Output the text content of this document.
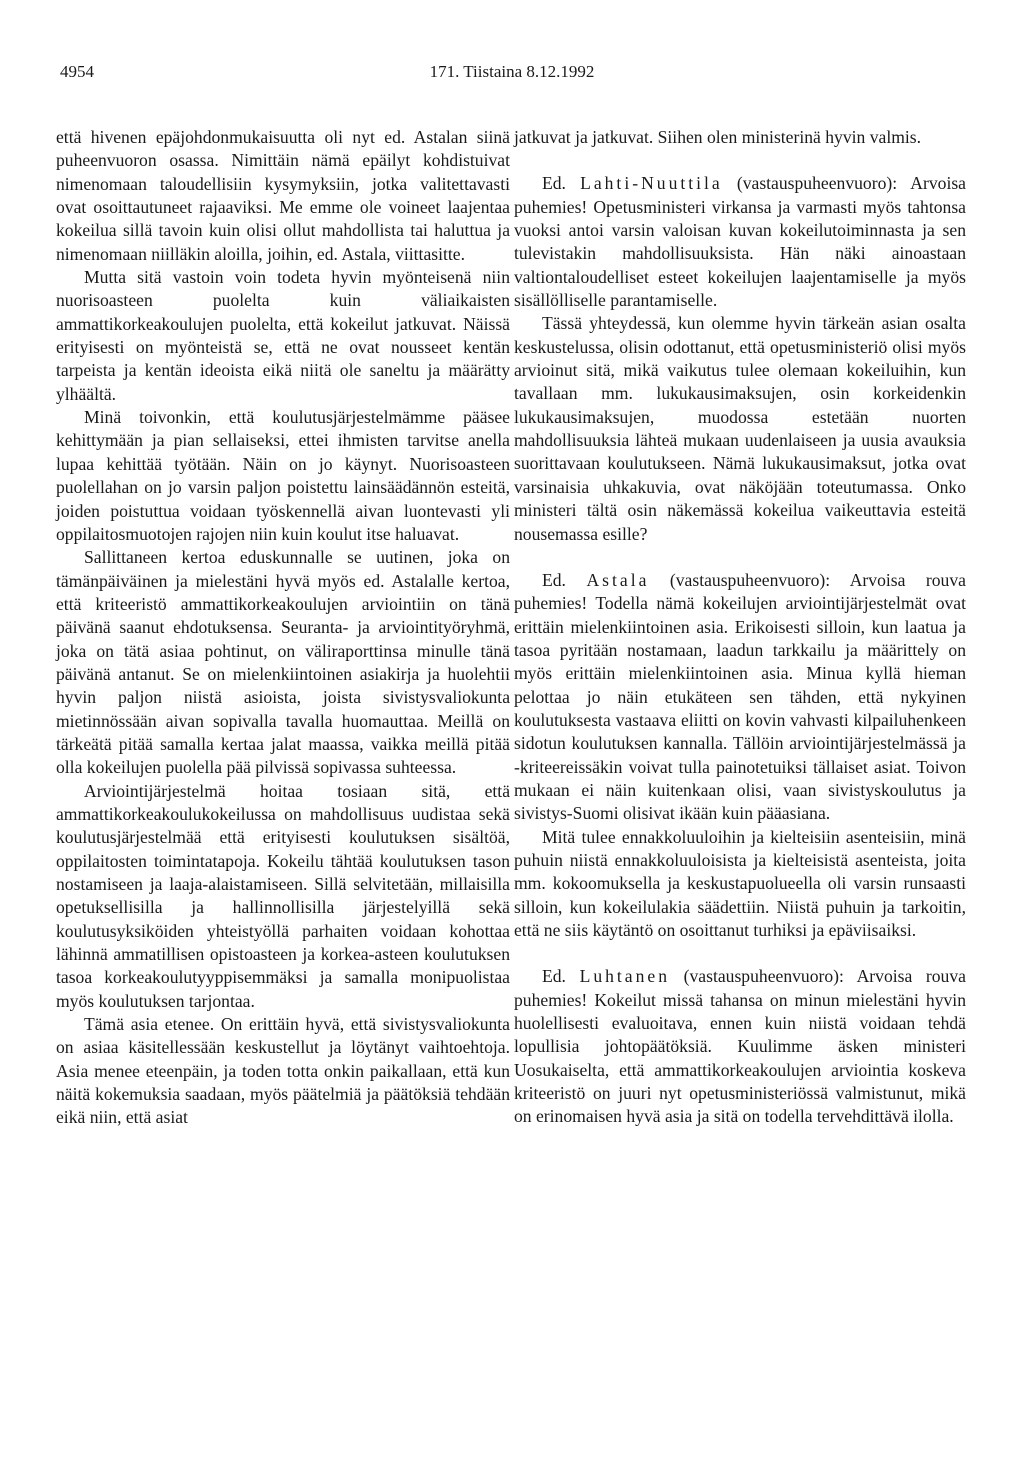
4954	171. Tiistaina 8.12.1992

että hivenen epäjohdonmukaisuutta oli nyt ed. Astalan siinä puheenvuoron osassa. Nimittäin nämä epäilyt kohdistuivat nimenomaan taloudellisiin kysymyksiin, jotka valitettavasti ovat osoittautuneet rajaaviksi. Me emme ole voineet laajentaa kokeilua sillä tavoin kuin olisi ollut mahdollista tai haluttua ja nimenomaan niilläkin aloilla, joihin, ed. Astala, viittasitte.

Mutta sitä vastoin voin todeta hyvin myönteisenä niin nuorisoasteen puolelta kuin väliaikaisten ammattikorkeakoulujen puolelta, että kokeilut jatkuvat. Näissä erityisesti on myönteistä se, että ne ovat nousseet kentän tarpeista ja kentän ideoista eikä niitä ole saneltu ja määrätty ylhäältä.

Minä toivonkin, että koulutusjärjestelmämme pääsee kehittymään ja pian sellaiseksi, ettei ihmisten tarvitse anella lupaa kehittää työtään. Näin on jo käynyt. Nuorisoasteen puolellahan on jo varsin paljon poistettu lainsäädännön esteitä, joiden poistuttua voidaan työskennellä aivan luontevasti yli oppilaitosmuotojen rajojen niin kuin koulut itse haluavat.

Sallittaneen kertoa eduskunnalle se uutinen, joka on tämänpäiväinen ja mielestäni hyvä myös ed. Astalalle kertoa, että kriteeristö ammattikorkeakoulujen arviointiin on tänä päivänä saanut ehdotuksensa. Seuranta- ja arviointityöryhmä, joka on tätä asiaa pohtinut, on väliraporttinsa minulle tänä päivänä antanut. Se on mielenkiintoinen asiakirja ja huolehtii hyvin paljon niistä asioista, joista sivistysvaliokunta mietinnössään aivan sopivalla tavalla huomauttaa. Meillä on tärkeätä pitää samalla kertaa jalat maassa, vaikka meillä pitää olla kokeilujen puolella pää pilvissä sopivassa suhteessa.

Arviointijärjestelmä hoitaa tosiaan sitä, että ammattikorkeakoulukokeilussa on mahdollisuus uudistaa sekä koulutusjärjestelmää että erityisesti koulutuksen sisältöä, oppilaitosten toimintatapoja. Kokeilu tähtää koulutuksen tason nostamiseen ja laaja-alaistamiseen. Sillä selvitetään, millaisilla opetuksellisilla ja hallinnollisilla järjestelyillä sekä koulutusyksiköiden yhteistyöllä parhaiten voidaan kohottaa lähinnä ammatillisen opistoasteen ja korkea-asteen koulutuksen tasoa korkeakoulutyyppisemmäksi ja samalla monipuolistaa myös koulutuksen tarjontaa.

Tämä asia etenee. On erittäin hyvä, että sivistysvaliokunta on asiaa käsitellessään keskustellut ja löytänyt vaihtoehtoja. Asia menee eteenpäin, ja toden totta onkin paikallaan, että kun näitä kokemuksia saadaan, myös päätelmiä ja päätöksiä tehdään eikä niin, että asiat

jatkuvat ja jatkuvat. Siihen olen ministerinä hyvin valmis.

Ed. Lahti-Nuuttila (vastauspuheenvuoro): Arvoisa puhemies! Opetusministeri virkansa ja varmasti myös tahtonsa vuoksi antoi varsin valoisan kuvan kokeilutoiminnasta ja sen tulevistakin mahdollisuuksista. Hän näki ainoastaan valtiontaloudelliset esteet kokeilujen laajentamiselle ja myös sisällölliselle parantamiselle.

Tässä yhteydessä, kun olemme hyvin tärkeän asian osalta keskustelussa, olisin odottanut, että opetusministeriö olisi myös arvioinut sitä, mikä vaikutus tulee olemaan kokeiluihin, kun tavallaan mm. lukukausimaksujen, osin korkeidenkin lukukausimaksujen, muodossa estetään nuorten mahdollisuuksia lähteä mukaan uudenlaiseen ja uusia avauksia suorittavaan koulutukseen. Nämä lukukausimaksut, jotka ovat varsinaisia uhkakuvia, ovat näköjään toteutumassa. Onko ministeri tältä osin näkemässä kokeilua vaikeuttavia esteitä nousemassa esille?

Ed. Astala (vastauspuheenvuoro): Arvoisa rouva puhemies! Todella nämä kokeilujen arviointijärjestelmät ovat erittäin mielenkiintoinen asia. Erikoisesti silloin, kun laatua ja tasoa pyritään nostamaan, laadun tarkkailu ja määrittely on myös erittäin mielenkiintoinen asia. Minua kyllä hieman pelottaa jo näin etukäteen sen tähden, että nykyinen koulutuksesta vastaava eliitti on kovin vahvasti kilpailuhenkeen sidotun koulutuksen kannalla. Tällöin arviointijärjestelmässä ja -kriteereissäkin voivat tulla painotetuiksi tällaiset asiat. Toivon mukaan ei näin kuitenkaan olisi, vaan sivistyskoulutus ja sivistys-Suomi olisivat ikään kuin pääasiana.

Mitä tulee ennakkoluuloihin ja kielteisiin asenteisiin, minä puhuin niistä ennakkoluuloisista ja kielteisistä asenteista, joita mm. kokoomuksella ja keskustapuolueella oli varsin runsaasti silloin, kun kokeilulakia säädettiin. Niistä puhuin ja tarkoitin, että ne siis käytäntö on osoittanut turhiksi ja epäviisaiksi.

Ed. Luhtanen (vastauspuheenvuoro): Arvoisa rouva puhemies! Kokeilut missä tahansa on minun mielestäni hyvin huolellisesti evaluoitava, ennen kuin niistä voidaan tehdä lopullisia johtopäätöksiä. Kuulimme äsken ministeri Uosukaiselta, että ammattikorkeakoulujen arviointia koskeva kriteeristö on juuri nyt opetusministeriössä valmistunut, mikä on erinomaisen hyvä asia ja sitä on todella tervehdittävä ilolla.
